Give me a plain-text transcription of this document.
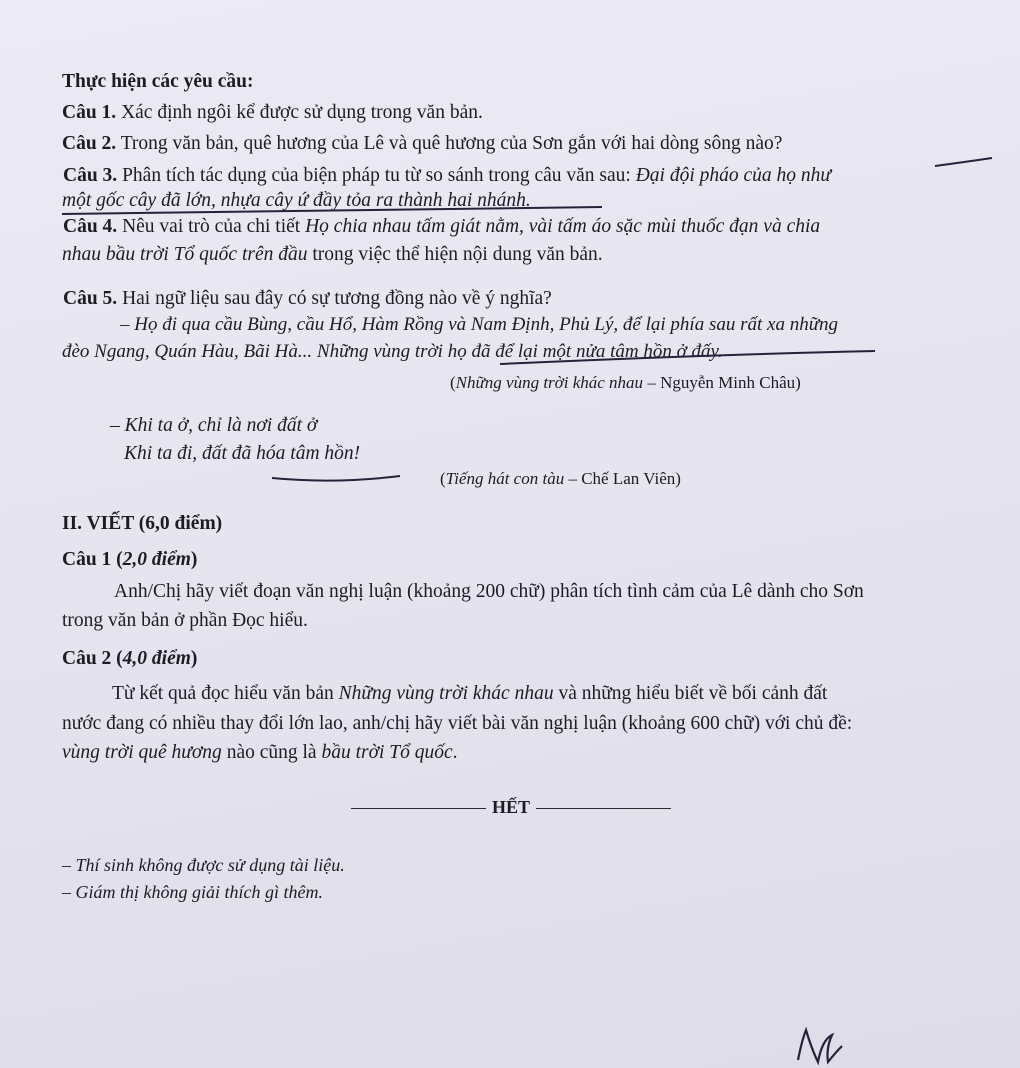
Thực hiện các yêu cầu:
Câu 1. Xác định ngôi kể được sử dụng trong văn bản.
Câu 2. Trong văn bản, quê hương của Lê và quê hương của Sơn gắn với hai dòng sông nào?
Câu 3. Phân tích tác dụng của biện pháp tu từ so sánh trong câu văn sau: Đại đội pháo của họ như
một gốc cây đã lớn, nhựa cây ứ đầy tỏa ra thành hai nhánh.
Câu 4. Nêu vai trò của chi tiết Họ chia nhau tấm giát nằm, vài tấm áo sặc mùi thuốc đạn và chia
nhau bầu trời Tổ quốc trên đầu trong việc thể hiện nội dung văn bản.
Câu 5. Hai ngữ liệu sau đây có sự tương đồng nào về ý nghĩa?
– Họ đi qua cầu Bùng, cầu Hổ, Hàm Rồng và Nam Định, Phủ Lý, để lại phía sau rất xa những
đèo Ngang, Quán Hàu, Bãi Hà... Những vùng trời họ đã để lại một nửa tâm hồn ở đấy.
(Những vùng trời khác nhau – Nguyễn Minh Châu)
– Khi ta ở, chỉ là nơi đất ở
Khi ta đi, đất đã hóa tâm hồn!
(Tiếng hát con tàu – Chế Lan Viên)
II. VIẾT (6,0 điểm)
Câu 1 (2,0 điểm)
Anh/Chị hãy viết đoạn văn nghị luận (khoảng 200 chữ) phân tích tình cảm của Lê dành cho Sơn
trong văn bản ở phần Đọc hiểu.
Câu 2 (4,0 điểm)
Từ kết quả đọc hiểu văn bản Những vùng trời khác nhau và những hiểu biết về bối cảnh đất
nước đang có nhiều thay đổi lớn lao, anh/chị hãy viết bài văn nghị luận (khoảng 600 chữ) với chủ đề:
vùng trời quê hương nào cũng là bầu trời Tổ quốc.
HẾT
– Thí sinh không được sử dụng tài liệu.
– Giám thị không giải thích gì thêm.
